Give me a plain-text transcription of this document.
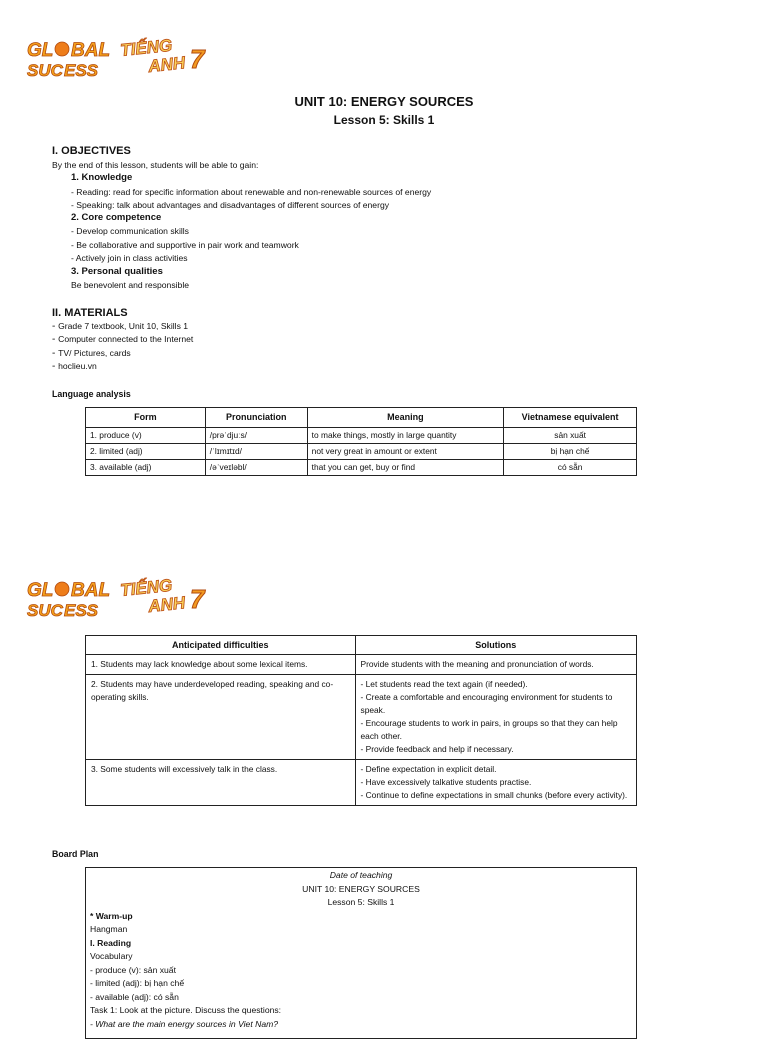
GL BAL
SUC ESS
TIẾNG
ANH 7
UNIT 10: ENERGY SOURCES
Lesson 5: Skills 1
I. OBJECTIVES
By the end of this lesson, students will be able to gain:
1. Knowledge
- Reading: read for specific information about renewable and non-renewable sources of energy
- Speaking: talk about advantages and disadvantages of different sources of energy
2. Core competence
- Develop communication skills
- Be collaborative and supportive in pair work and teamwork
- Actively join in class activities
3. Personal qualities
Be benevolent and responsible
II. MATERIALS
- Grade 7 textbook, Unit 10, Skills 1
- Computer connected to the Internet
- TV/ Pictures, cards
- hoclieu.vn
Language analysis
Form	Pronunciation	Meaning	Vietnamese equivalent
1. produce (v)	/prəˈdjuːs/	to make things, mostly in large quantity	sản xuất
2. limited (adj)	/ˈlɪmɪtɪd/	not very great in amount or extent	bị hạn chế
3. available (adj)	/əˈveɪləbl/	that you can get, buy or find	có sẵn
GL BAL
SUC ESS
TIẾNG
ANH 7
Anticipated difficulties	Solutions
1. Students may lack knowledge about some lexical items.	Provide students with the meaning and pronunciation of words.

2. Students may have underdeveloped reading, speaking and co-operating skills.	- Let students read the text again (if needed).
- Create a comfortable and encouraging environment for students to speak.
- Encourage students to work in pairs, in groups so that they can help each other.
- Provide feedback and help if necessary.

3. Some students will excessively talk in the class.	- Define expectation in explicit detail.
- Have excessively talkative students practise.
- Continue to define expectations in small chunks (before every activity).
Board Plan
Date of teaching
UNIT 10: ENERGY SOURCES
Lesson 5: Skills 1
* Warm-up
Hangman
I. Reading
Vocabulary
- produce (v): sản xuất
- limited (adj): bị hạn chế
- available (adj): có sẵn
Task 1: Look at the picture. Discuss the questions:
- What are the main energy sources in Viet Nam?
